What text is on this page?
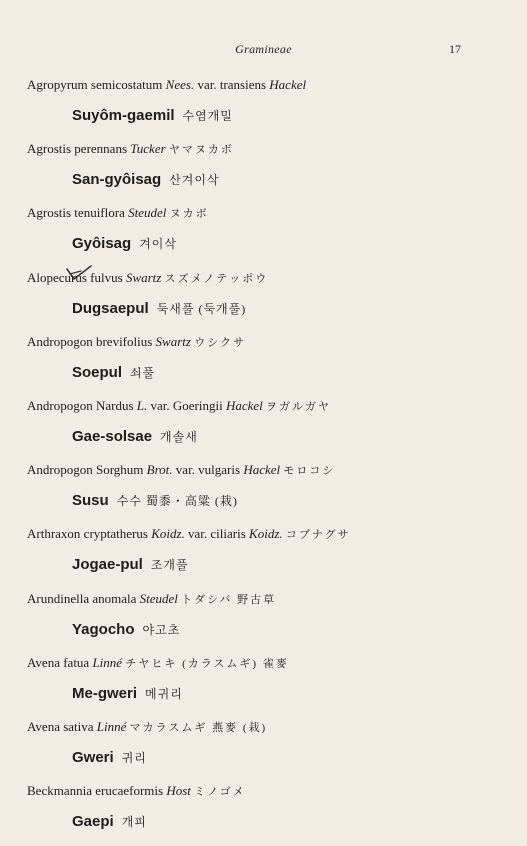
Gramineae	17
Agropyrum semicostatum Nees. var. transiens Hackel
Suyôm-gaemil 수염개밀
Agrostis perennans Tucker ヤマヌカボ
San-gyôisag 산겨이삭
Agrostis tenuiflora Steudel ヌカボ
Gyôisag 겨이삭
Alopecurus fulvus Swartz スズメノテッポウ
Dugsaepul 둑새풀 (둑개풀)
Andropogon brevifolius Swartz ウシクサ
Soepul 쇠풀
Andropogon Nardus L. var. Goeringii Hackel ヲガルガヤ
Gae-solsae 개솔새
Andropogon Sorghum Brot. var. vulgaris Hackel モロコシ
Susu 수수 蜀黍・高粱 (栽)
Arthraxon cryptatherus Koidz. var. ciliaris Koidz. コブナグサ
Jogae-pul 조개풀
Arundinella anomala Steudel トダシバ 野古草
Yagocho 야고초
Avena fatua Linné チヤヒキ (カラスムギ) 雀麥
Me-gweri 메귀리
Avena sativa Linné マカラスムギ 燕麥 (栽)
Gweri 귀리
Beckmannia erucaeformis Host ミノゴメ
Gaepi 개피
